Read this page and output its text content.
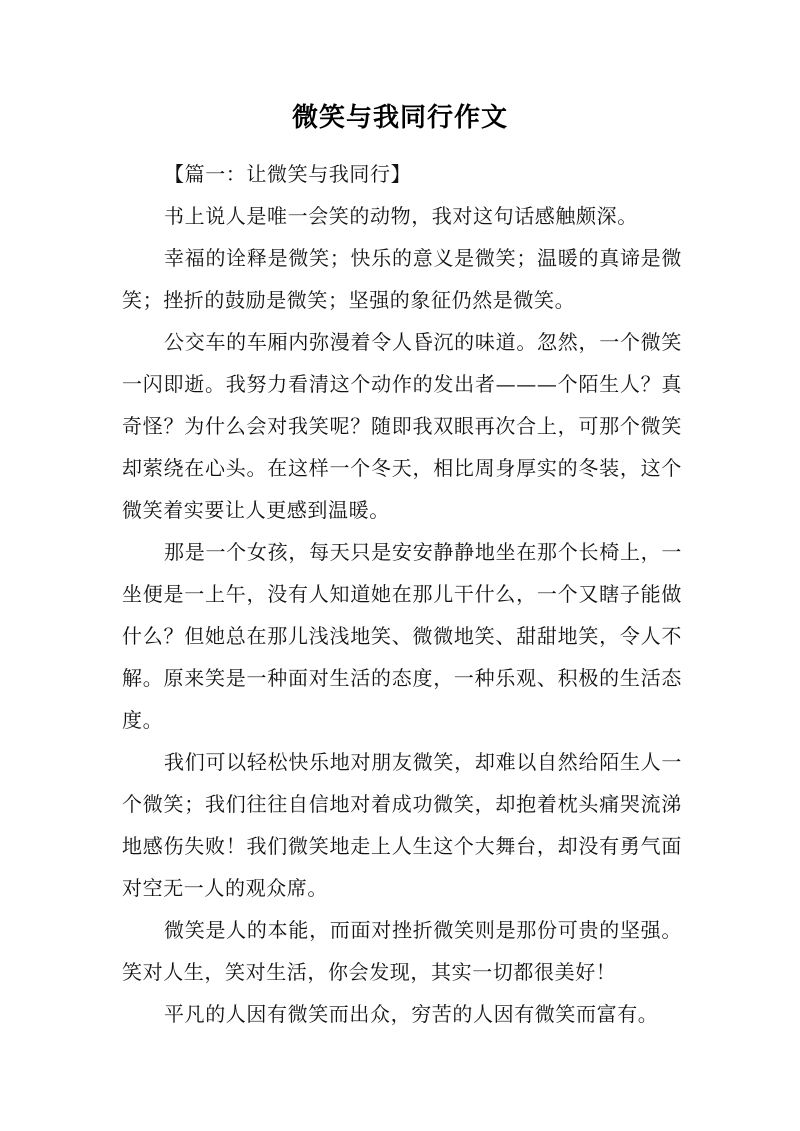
微笑与我同行作文

【篇一：让微笑与我同行】

书上说人是唯一会笑的动物，我对这句话感触颇深。

幸福的诠释是微笑；快乐的意义是微笑；温暖的真谛是微笑；挫折的鼓励是微笑；坚强的象征仍然是微笑。

公交车的车厢内弥漫着令人昏沉的味道。忽然，一个微笑一闪即逝。我努力看清这个动作的发出者———个陌生人？真奇怪？为什么会对我笑呢？随即我双眼再次合上，可那个微笑却萦绕在心头。在这样一个冬天，相比周身厚实的冬装，这个微笑着实要让人更感到温暖。

那是一个女孩，每天只是安安静静地坐在那个长椅上，一坐便是一上午，没有人知道她在那儿干什么，一个又瞎子能做什么？但她总在那儿浅浅地笑、微微地笑、甜甜地笑，令人不解。原来笑是一种面对生活的态度，一种乐观、积极的生活态度。

我们可以轻松快乐地对朋友微笑，却难以自然给陌生人一个微笑；我们往往自信地对着成功微笑，却抱着枕头痛哭流涕地感伤失败！我们微笑地走上人生这个大舞台，却没有勇气面对空无一人的观众席。

微笑是人的本能，而面对挫折微笑则是那份可贵的坚强。笑对人生，笑对生活，你会发现，其实一切都很美好！

平凡的人因有微笑而出众，穷苦的人因有微笑而富有。
